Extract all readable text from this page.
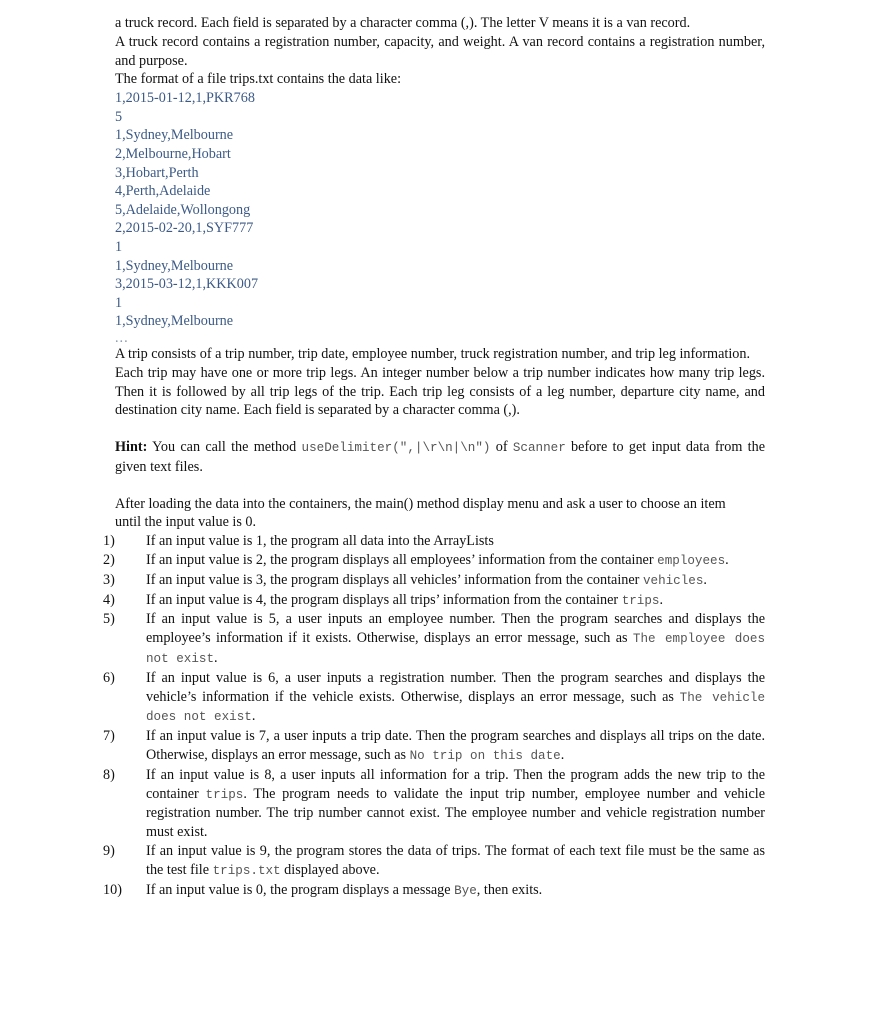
a truck record. Each field is separated by a character comma (,). The letter V means it is a van record.

A truck record contains a registration number, capacity, and weight. A van record contains a registration number, and purpose.

The format of a file trips.txt contains the data like:

1,2015-01-12,1,PKR768
5
1,Sydney,Melbourne
2,Melbourne,Hobart
3,Hobart,Perth
4,Perth,Adelaide
5,Adelaide,Wollongong
2,2015-02-20,1,SYF777
1
1,Sydney,Melbourne
3,2015-03-12,1,KKK007
1
1,Sydney,Melbourne
...

A trip consists of a trip number, trip date, employee number, truck registration number, and trip leg information.

Each trip may have one or more trip legs. An integer number below a trip number indicates how many trip legs. Then it is followed by all trip legs of the trip. Each trip leg consists of a leg number, departure city name, and destination city name. Each field is separated by a character comma (,).

Hint: You can call the method useDelimiter(",|\r\n|\n") of Scanner before to get input data from the given text files.

After loading the data into the containers, the main() method display menu and ask a user to choose an item until the input value is 0.

1)	If an input value is 1, the program all data into the ArrayLists
2)	If an input value is 2, the program displays all employees’ information from the container employees.
3)	If an input value is 3, the program displays all vehicles’ information from the container vehicles.
4)	If an input value is 4, the program displays all trips’ information from the container trips.
5)	If an input value is 5, a user inputs an employee number. Then the program searches and displays the employee’s information if it exists. Otherwise, displays an error message, such as The employee does not exist.
6)	If an input value is 6, a user inputs a registration number. Then the program searches and displays the vehicle’s information if the vehicle exists. Otherwise, displays an error message, such as The vehicle does not exist.
7)	If an input value is 7, a user inputs a trip date. Then the program searches and displays all trips on the date. Otherwise, displays an error message, such as No trip on this date.
8)	If an input value is 8, a user inputs all information for a trip. Then the program adds the new trip to the container trips. The program needs to validate the input trip number, employee number and vehicle registration number. The trip number cannot exist. The employee number and vehicle registration number must exist.
9)	If an input value is 9, the program stores the data of trips. The format of each text file must be the same as the test file trips.txt displayed above.
10)	If an input value is 0, the program displays a message Bye, then exits.
